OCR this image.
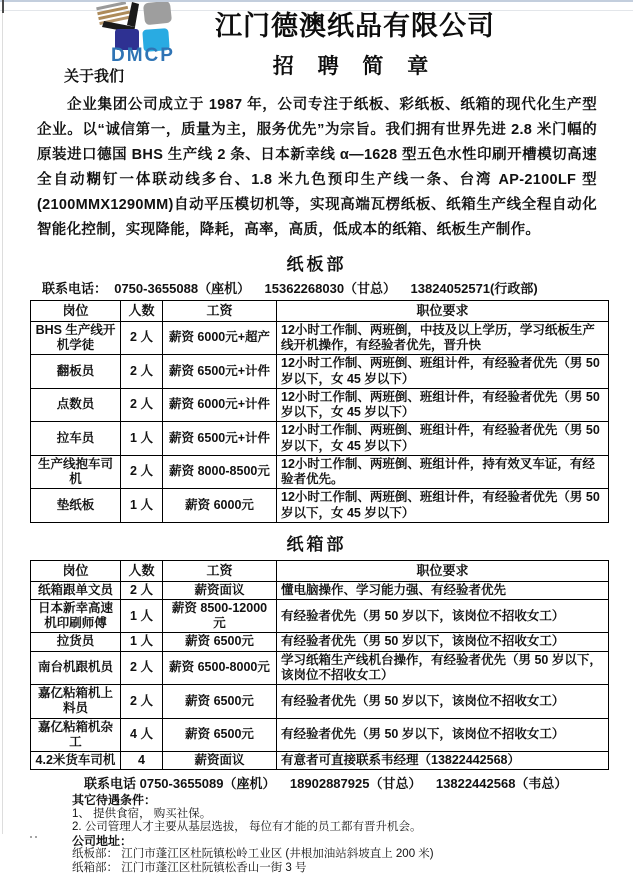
DMCP
江门德澳纸品有限公司
招 聘 简 章
关于我们
企业集团公司成立于 1987 年，公司专注于纸板、彩纸板、纸箱的现代化生产型企业。以“诚信第一，质量为主，服务优先”为宗旨。我们拥有世界先进 2.8 米门幅的原装进口德国 BHS 生产线 2 条、日本新幸线 α—1628 型五色水性印刷开槽模切高速全自动糊钉一体联动线多台、1.8 米九色预印生产线一条、台湾 AP-2100LF 型(2100MMX1290MM)自动平压模切机等，实现高端瓦楞纸板、纸箱生产线全程自动化智能化控制，实现降能，降耗，高率，高质，低成本的纸箱、纸板生产制作。
纸板部
联系电话：  0750-3655088（座机）    15362268030（甘总）    13824052571(行政部)
岗位	人数	工资	职位要求
BHS 生产线开机学徒	2 人	薪资 6000元+超产	12小时工作制、两班倒，中技及以上学历，学习纸板生产线开机操作，有经验者优先，晋升快
翻板员	2 人	薪资 6500元+计件	12小时工作制、两班倒、班组计件，有经验者优先（男 50 岁以下，女 45 岁以下）
点数员	2 人	薪资 6000元+计件	12小时工作制、两班倒、班组计件，有经验者优先（男 50 岁以下，女 45 岁以下）
拉车员	1 人	薪资 6500元+计件	12小时工作制、两班倒、班组计件，有经验者优先（男 50 岁以下，女 45 岁以下）
生产线抱车司机	2 人	薪资 8000-8500元	12小时工作制、两班倒、班组计件，持有效叉车证，有经验者优先。
垫纸板	1 人	薪资 6000元	12小时工作制、两班倒、班组计件，有经验者优先（男 50 岁以下，女 45 岁以下）
纸箱部
岗位	人数	工资	职位要求
纸箱跟单文员	2 人	薪资面议	懂电脑操作、学习能力强、有经验者优先
日本新幸高速机印刷师傅	1 人	薪资 8500-12000元	有经验者优先（男 50 岁以下，该岗位不招收女工）
拉货员	1 人	薪资 6500元	有经验者优先（男 50 岁以下，该岗位不招收女工）
南台机跟机员	2 人	薪资 6500-8000元	学习纸箱生产线机台操作，有经验者优先（男 50 岁以下，该岗位不招收女工）
嘉亿粘箱机上料员	2 人	薪资 6500元	有经验者优先（男 50 岁以下，该岗位不招收女工）
嘉亿粘箱机杂工	4 人	薪资 6500元	有经验者优先（男 50 岁以下，该岗位不招收女工）
4.2米货车司机	4	薪资面议	有意者可直接联系韦经理（13822442568）
联系电话 0750-3655089（座机）    18902887925（甘总）    13822442568（韦总）
其它待遇条件：
1、 提供食宿， 购买社保。
2. 公司管理人才主要从基层选拔， 每位有才能的员工都有晋升机会。
公司地址：
纸板部： 江门市蓬江区杜阮镇松岭工业区 (井根加油站斜坡直上 200 米)
纸箱部： 江门市蓬江区杜阮镇松香山一街 3 号
